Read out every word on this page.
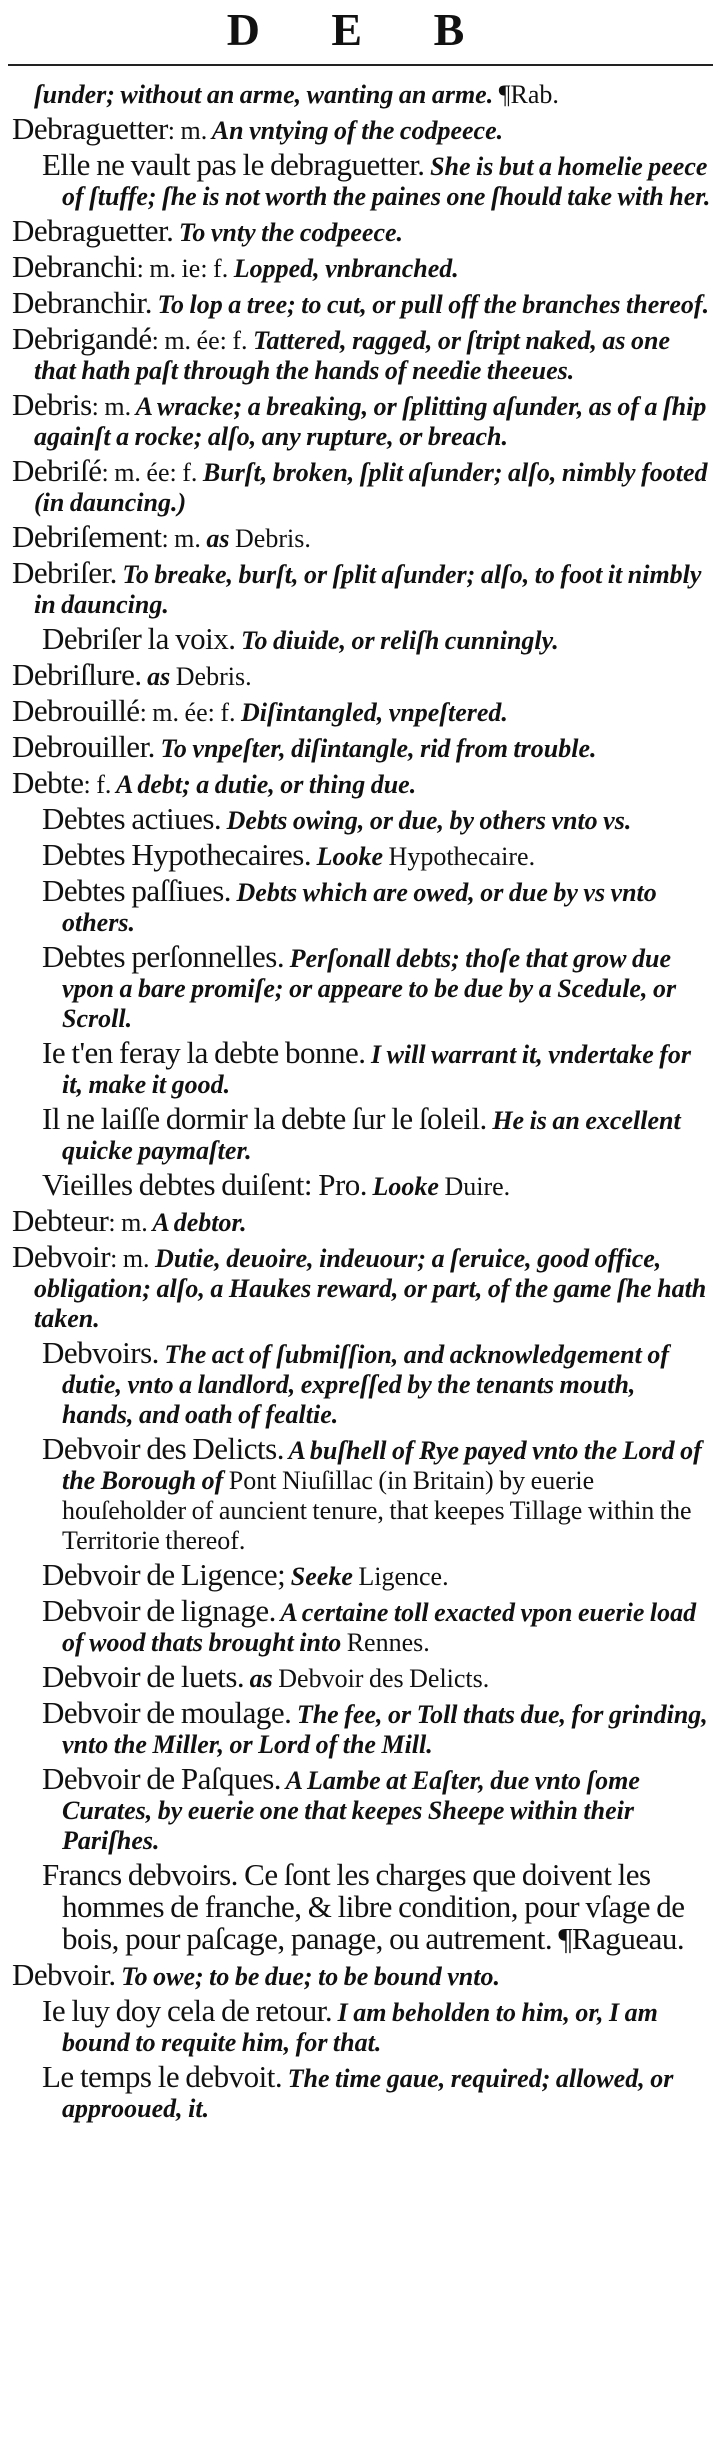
D E B
ſunder; without an arme, wanting an arme. ¶Rab.
Debraguetter: m. An vntying of the codpeece.
Elle ne vault pas le debraguetter. She is but a homelie peece of ſtuffe; ſhe is not worth the paines one ſhould take with her.
Debraguetter. To vnty the codpeece.
Debranchi: m. ie: f. Lopped, vnbranched.
Debranchir. To lop a tree; to cut, or pull off the branches thereof.
Debrigandé: m. ée: f. Tattered, ragged, or ſtript naked, as one that hath paſt through the hands of needie theeues.
Debris: m. A wracke; a breaking, or ſplitting aſunder, as of a ſhip againſt a rocke; alſo, any rupture, or breach.
Debriſé: m. ée: f. Burſt, broken, ſplit aſunder; alſo, nimbly footed (in dauncing.)
Debriſement: m. as Debris.
Debriſer. To breake, burſt, or ſplit aſunder; alſo, to foot it nimbly in dauncing.
Debriſer la voix. To diuide, or reliſh cunningly.
Debriſlure. as Debris.
Debrouillé: m. ée: f. Diſintangled, vnpeſtered.
Debrouiller. To vnpeſter, diſintangle, rid from trouble.
Debte: f. A debt; a dutie, or thing due.
Debtes actiues. Debts owing, or due, by others vnto vs.
Debtes Hypothecaires. Looke Hypothecaire.
Debtes paſſiues. Debts which are owed, or due by vs vnto others.
Debtes perſonnelles. Perſonall debts; thoſe that grow due vpon a bare promiſe; or appeare to be due by a Scedule, or Scroll.
Ie t'en feray la debte bonne. I will warrant it, vndertake for it, make it good.
Il ne laiſſe dormir la debte ſur le ſoleil. He is an excellent quicke paymaſter.
Vieilles debtes duiſent: Pro. Looke Duire.
Debteur: m. A debtor.
Debvoir: m. Dutie, deuoire, indeuour; a ſeruice, good office, obligation; alſo, a Haukes reward, or part, of the game ſhe hath taken.
Debvoirs. The act of ſubmiſſion, and acknowledgement of dutie, vnto a landlord, expreſſed by the tenants mouth, hands, and oath of fealtie.
Debvoir des Delicts. A buſhell of Rye payed vnto the Lord of the Borough of Pont Niuſillac (in Britain) by euerie houſeholder of auncient tenure, that keepes Tillage within the Territorie thereof.
Debvoir de Ligence; Seeke Ligence.
Debvoir de lignage. A certaine toll exacted vpon euerie load of wood thats brought into Rennes.
Debvoir de luets. as Debvoir des Delicts.
Debvoir de moulage. The fee, or Toll thats due, for grinding, vnto the Miller, or Lord of the Mill.
Debvoir de Paſques. A Lambe at Eaſter, due vnto ſome Curates, by euerie one that keepes Sheepe within their Pariſhes.
Francs debvoirs. Ce ſont les charges que doivent les hommes de franche, & libre condition, pour vſage de bois, pour paſcage, panage, ou autrement. ¶Ragueau.
Debvoir. To owe; to be due; to be bound vnto.
Ie luy doy cela de retour. I am beholden to him, or, I am bound to requite him, for that.
Le temps le debvoit. The time gaue, required; allowed, or approoued, it.
